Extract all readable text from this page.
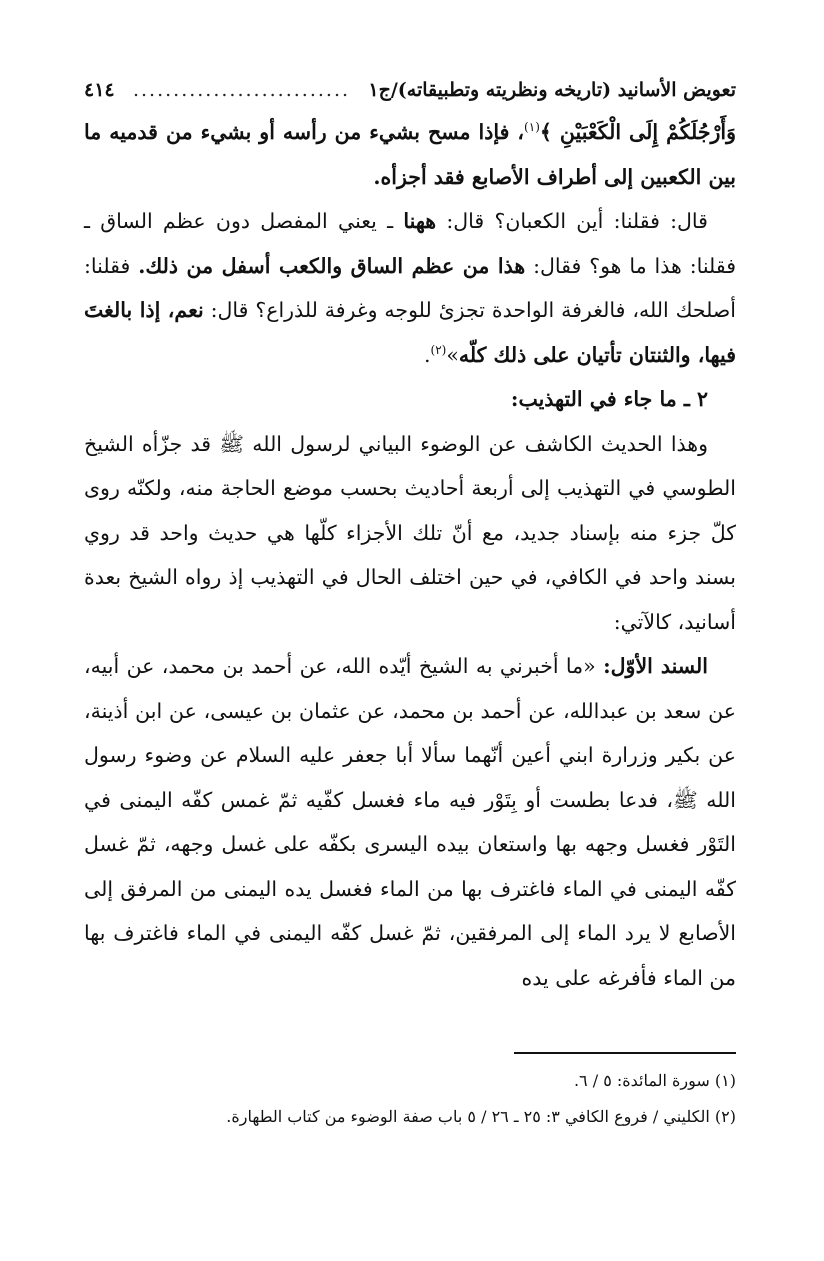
٤١٤ ........................... تعويض الأسانيد (تاريخه ونظريته وتطبيقاته)/ج١

وَأَرْجُلَكُمْ إِلَى الْكَعْبَيْنِ ﴾$^{(١)}$، فإذا مسح بشيء من رأسه أو بشيء من قدميه ما بين الكعبين إلى أطراف الأصابع فقد أجزأه.

قال: فقلنا: أين الكعبان؟ قال: ههنا ـ يعني المفصل دون عظم الساق ـ فقلنا: هذا ما هو؟ فقال: هذا من عظم الساق والكعب أسفل من ذلك. فقلنا: أصلحك الله، فالغرفة الواحدة تجزئ للوجه وغرفة للذراع؟ قال: نعم، إذا بالغتَ فيها، والثنتان تأتيان على ذلك كلّه»$^{(٢)}$.

٢ ـ ما جاء في التهذيب:

وهذا الحديث الكاشف عن الوضوء البياني لرسول الله ﷺ قد جزّأه الشيخ الطوسي في التهذيب إلى أربعة أحاديث بحسب موضع الحاجة منه، ولكنّه روى كلّ جزء منه بإسناد جديد، مع أنّ تلك الأجزاء كلّها هي حديث واحد قد روي بسند واحد في الكافي، في حين اختلف الحال في التهذيب إذ رواه الشيخ بعدة أسانيد، كالآتي:

السند الأوّل: «ما أخبرني به الشيخ أيّده الله، عن أحمد بن محمد، عن أبيه، عن سعد بن عبدالله، عن أحمد بن محمد، عن عثمان بن عيسى، عن ابن أذينة، عن بكير وزرارة ابني أعين أنّهما سألا أبا جعفر عليه السلام عن وضوء رسول الله ﷺ، فدعا بطست أو بِتَوْر فيه ماء فغسل كفّيه ثمّ غمس كفّه اليمنى في التَوْر فغسل وجهه بها واستعان بيده اليسرى بكفّه على غسل وجهه، ثمّ غسل كفّه اليمنى في الماء فاغترف بها من الماء فغسل يده اليمنى من المرفق إلى الأصابع لا يرد الماء إلى المرفقين، ثمّ غسل كفّه اليمنى في الماء فاغترف بها من الماء فأفرغه على يده

(١) سورة المائدة: ٥ / ٦.

(٢) الكليني / فروع الكافي ٣: ٢٥ ـ ٢٦ / ٥ باب صفة الوضوء من كتاب الطهارة.
